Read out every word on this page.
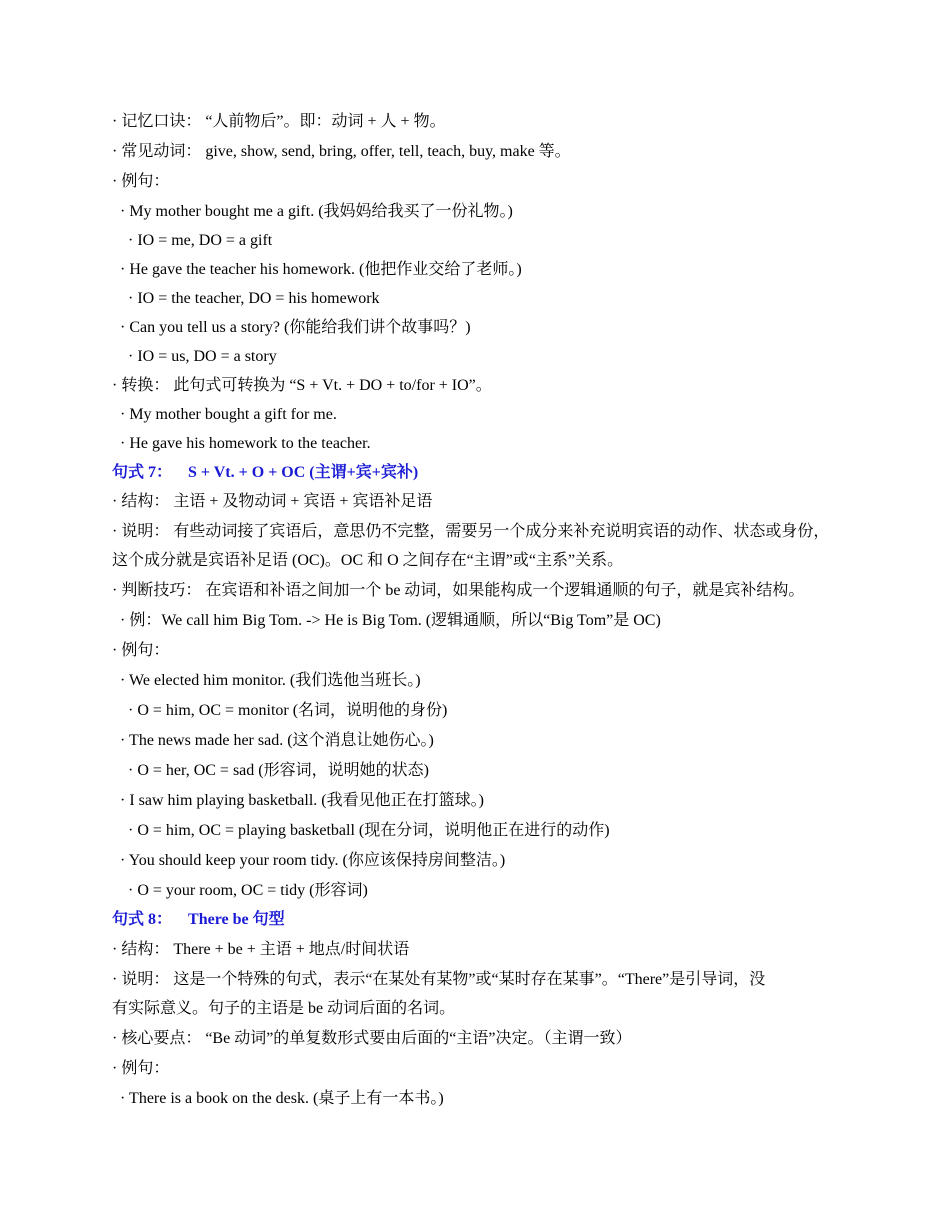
· 记忆口诀： “人前物后”。即：动词 + 人 + 物。
· 常见动词： give, show, send, bring, offer, tell, teach, buy, make 等。
· 例句：
· My mother bought me a gift. (我妈妈给我买了一份礼物。)
· IO = me, DO = a gift
· He gave the teacher his homework. (他把作业交给了老师。)
· IO = the teacher, DO = his homework
· Can you tell us a story? (你能给我们讲个故事吗？)
· IO = us, DO = a story
· 转换： 此句式可转换为 “S + Vt. + DO + to/for + IO”。
· My mother bought a gift for me.
· He gave his homework to the teacher.
句式 7： S + Vt. + O + OC (主谓+宾+宾补)
· 结构： 主语 + 及物动词 + 宾语 + 宾语补足语
· 说明： 有些动词接了宾语后，意思仍不完整，需要另一个成分来补充说明宾语的动作、状态或身份，
这个成分就是宾语补足语 (OC)。OC 和 O 之间存在“主谓”或“主系”关系。
· 判断技巧： 在宾语和补语之间加一个 be 动词，如果能构成一个逻辑通顺的句子，就是宾补结构。
· 例：We call him Big Tom. -> He is Big Tom. (逻辑通顺，所以“Big Tom”是 OC)
· 例句：
· We elected him monitor. (我们选他当班长。)
· O = him, OC = monitor (名词，说明他的身份)
· The news made her sad. (这个消息让她伤心。)
· O = her, OC = sad (形容词，说明她的状态)
· I saw him playing basketball. (我看见他正在打篮球。)
· O = him, OC = playing basketball (现在分词，说明他正在进行的动作)
· You should keep your room tidy. (你应该保持房间整洁。)
· O = your room, OC = tidy (形容词)
句式 8： There be 句型
· 结构： There + be + 主语 + 地点/时间状语
· 说明： 这是一个特殊的句式，表示“在某处有某物”或“某时存在某事”。“There”是引导词，没
有实际意义。句子的主语是 be 动词后面的名词。
· 核心要点： “Be 动词”的单复数形式要由后面的“主语”决定。（主谓一致）
· 例句：
· There is a book on the desk. (桌子上有一本书。)
